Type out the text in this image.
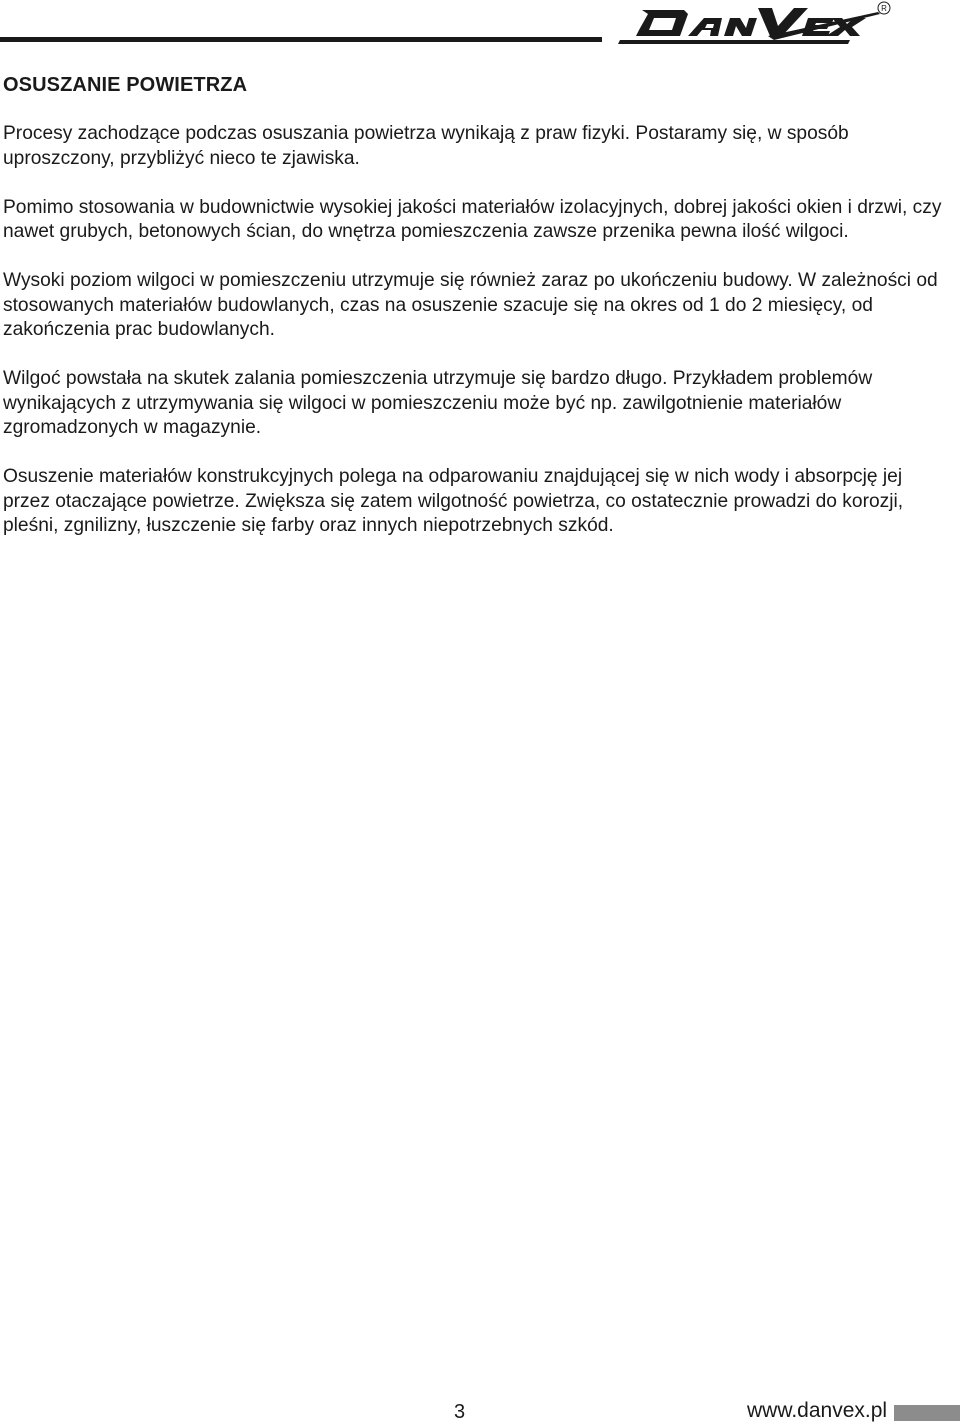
R
OSUSZANIE POWIETRZA

Procesy zachodzące podczas osuszania powietrza wynikają z praw fizyki. Postaramy się, w sposób uproszczony, przybliżyć nieco te zjawiska.

Pomimo stosowania w budownictwie wysokiej jakości materiałów izolacyjnych, dobrej jakości okien i drzwi, czy nawet grubych, betonowych ścian, do wnętrza pomieszczenia zawsze przenika pewna ilość wilgoci.

Wysoki poziom wilgoci w pomieszczeniu utrzymuje się również zaraz po ukończeniu budowy. W zależności od stosowanych materiałów budowlanych, czas na osuszenie szacuje się na okres od 1 do 2 miesięcy, od zakończenia prac budowlanych.

Wilgoć powstała na skutek zalania pomieszczenia utrzymuje się bardzo długo. Przykładem problemów wynikających z utrzymywania się wilgoci w pomieszczeniu może być np. zawilgotnienie materiałów zgromadzonych w magazynie.

Osuszenie materiałów konstrukcyjnych polega na odparowaniu znajdującej się w nich wody i absorpcję jej przez otaczające powietrze. Zwiększa się zatem wilgotność powietrza, co ostatecznie prowadzi do korozji, pleśni, zgnilizny, łuszczenie się farby oraz innych niepotrzebnych szkód.

3	www.danvex.pl
